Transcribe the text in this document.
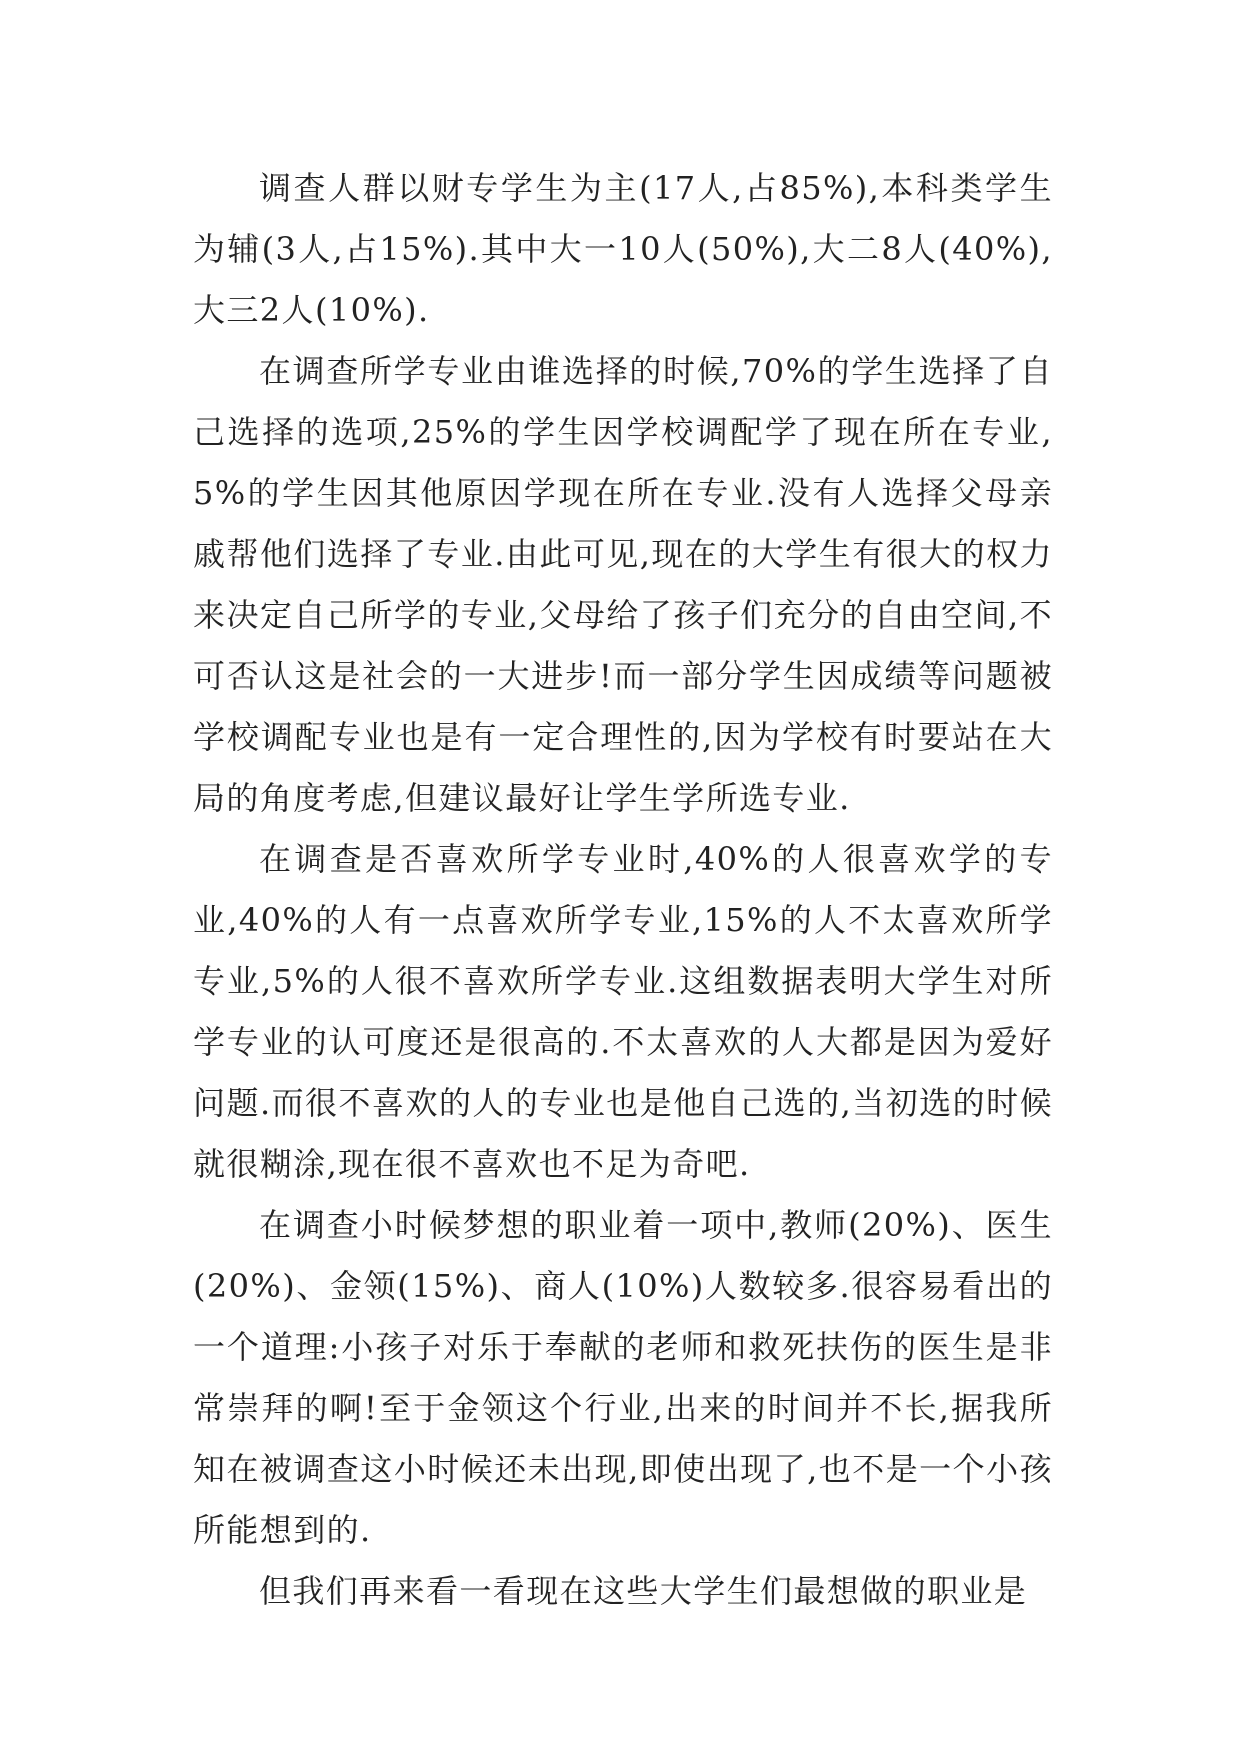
调查人群以财专学生为主(17人,占85%),本科类学生为辅(3人,占15%).其中大一10人(50%),大二8人(40%),大三2人(10%).

在调查所学专业由谁选择的时候,70%的学生选择了自己选择的选项,25%的学生因学校调配学了现在所在专业,5%的学生因其他原因学现在所在专业.没有人选择父母亲戚帮他们选择了专业.由此可见,现在的大学生有很大的权力来决定自己所学的专业,父母给了孩子们充分的自由空间,不可否认这是社会的一大进步!而一部分学生因成绩等问题被学校调配专业也是有一定合理性的,因为学校有时要站在大局的角度考虑,但建议最好让学生学所选专业.

在调查是否喜欢所学专业时,40%的人很喜欢学的专业,40%的人有一点喜欢所学专业,15%的人不太喜欢所学专业,5%的人很不喜欢所学专业.这组数据表明大学生对所学专业的认可度还是很高的.不太喜欢的人大都是因为爱好问题.而很不喜欢的人的专业也是他自己选的,当初选的时候就很糊涂,现在很不喜欢也不足为奇吧.

在调查小时候梦想的职业着一项中,教师(20%)、医生(20%)、金领(15%)、商人(10%)人数较多.很容易看出的一个道理:小孩子对乐于奉献的老师和救死扶伤的医生是非常崇拜的啊!至于金领这个行业,出来的时间并不长,据我所知在被调查这小时候还未出现,即使出现了,也不是一个小孩所能想到的.

但我们再来看一看现在这些大学生们最想做的职业是
